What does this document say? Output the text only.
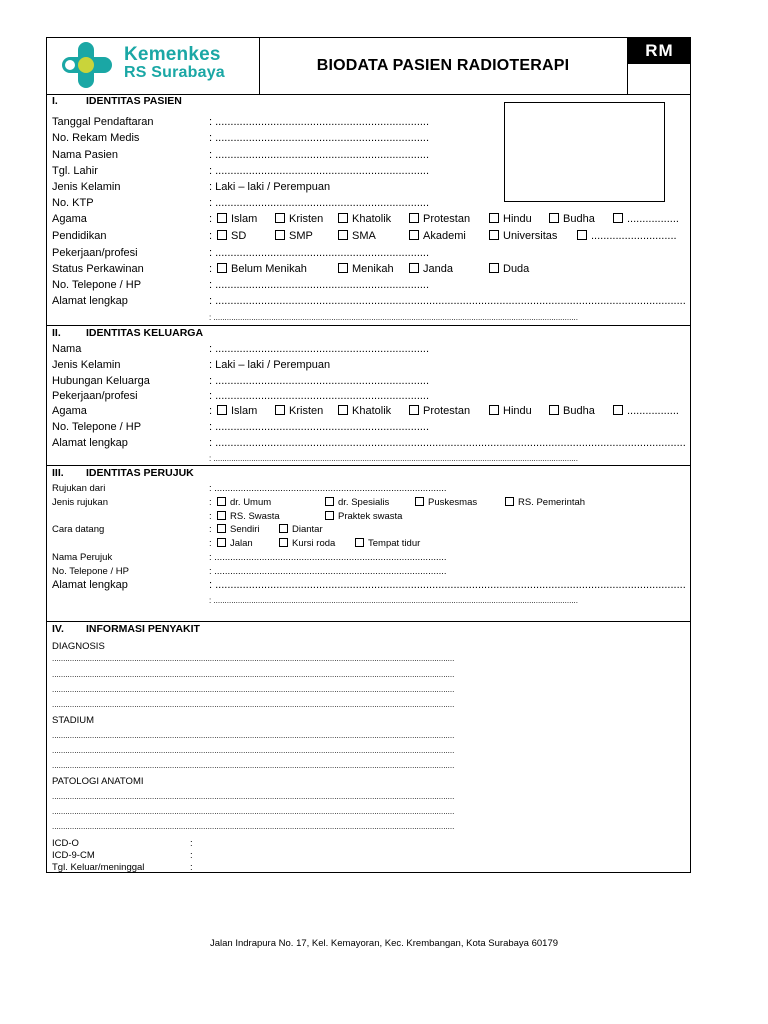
Kemenkes
RS Surabaya	BIODATA PASIEN RADIOTERAPI
RM
I.	IDENTITAS PASIEN
Tanggal Pendaftaran	: ......................................................................
No. Rekam Medis	: ......................................................................
Nama Pasien	: ......................................................................
Tgl. Lahir	: ......................................................................
Jenis Kelamin	: Laki – laki / Perempuan
No. KTP	: ......................................................................
Agama	:	Islam	Kristen	Khatolik	Protestan	Hindu	Budha	.................
Pendidikan	:	SD	SMP	SMA	Akademi	Universitas	............................
Pekerjaan/profesi	: ......................................................................
Status Perkawinan	:	Belum Menikah	Menikah	Janda	Duda
No. Telepone / HP	: ......................................................................
Alamat lengkap	: ..........................................................................................................................................................
: ....................................................................................................................................................................
II. IDENTITAS KELUARGA
Nama	: ......................................................................
Jenis Kelamin	: Laki – laki / Perempuan
Hubungan Keluarga	: ......................................................................
Pekerjaan/profesi	: ......................................................................
Agama	:	Islam	Kristen	Khatolik	Protestan	Hindu	Budha	.................
No. Telepone / HP	: ......................................................................
Alamat lengkap	: ..........................................................................................................................................................
: ....................................................................................................................................................................
III. IDENTITAS PERUJUK
Rujukan dari	: ........................................................................................
Jenis rujukan	:	dr. Umum	dr. Spesialis	Puskesmas	RS. Pemerintah
:	RS. Swasta	Praktek swasta
Cara datang	:	Sendiri	Diantar
:	Jalan	Kursi roda	Tempat tidur
Nama Perujuk	: ........................................................................................
No. Telepone / HP	: ........................................................................................
Alamat lengkap	: ..........................................................................................................................................................
: ....................................................................................................................................................................
IV. INFORMASI PENYAKIT
DIAGNOSIS
.....................................................................................................................................................................................
.....................................................................................................................................................................................
.....................................................................................................................................................................................
.....................................................................................................................................................................................
STADIUM
.....................................................................................................................................................................................
.....................................................................................................................................................................................
.....................................................................................................................................................................................
PATOLOGI ANATOMI
.....................................................................................................................................................................................
.....................................................................................................................................................................................
.....................................................................................................................................................................................
ICD-O	:
ICD-9-CM	:
Tgl. Keluar/meninggal	:
Jalan Indrapura No. 17, Kel. Kemayoran, Kec. Krembangan, Kota Surabaya 60179
